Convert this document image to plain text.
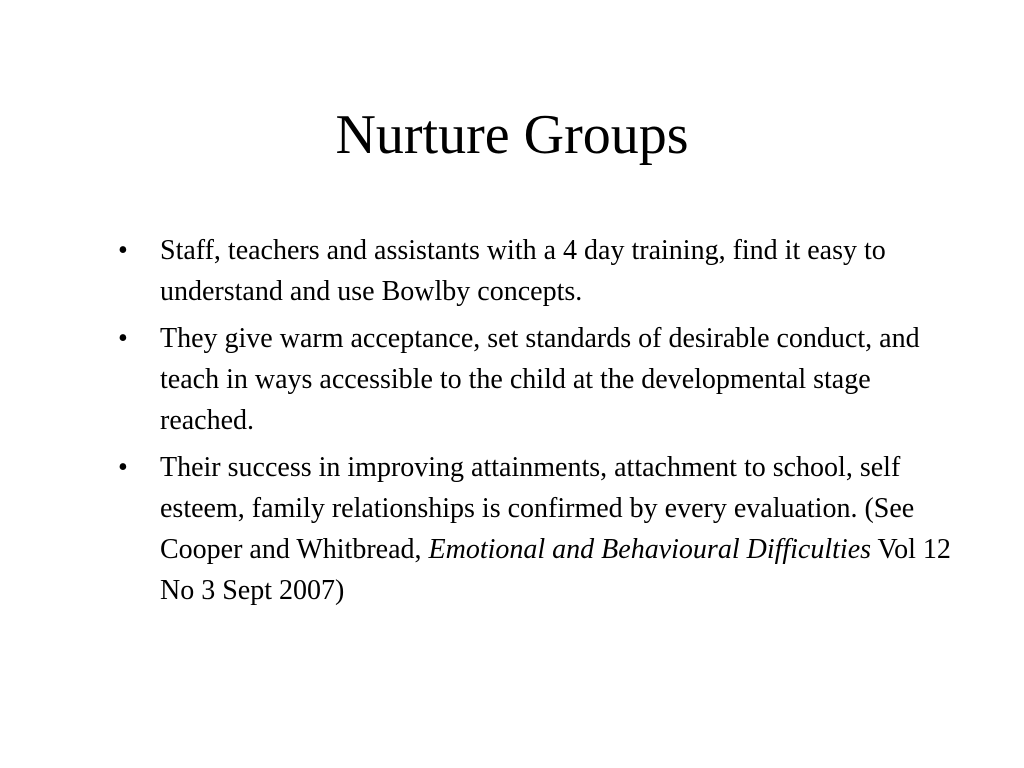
Nurture Groups
•	Staff, teachers and assistants with a 4 day training, find it easy to understand and use Bowlby concepts.
•	They give warm acceptance, set standards of desirable conduct, and teach in ways accessible to the child at the developmental stage reached.
•	Their success in improving attainments, attachment to school, self esteem, family relationships is confirmed by every evaluation. (See Cooper and Whitbread, Emotional and Behavioural Difficulties Vol 12 No 3 Sept 2007)
